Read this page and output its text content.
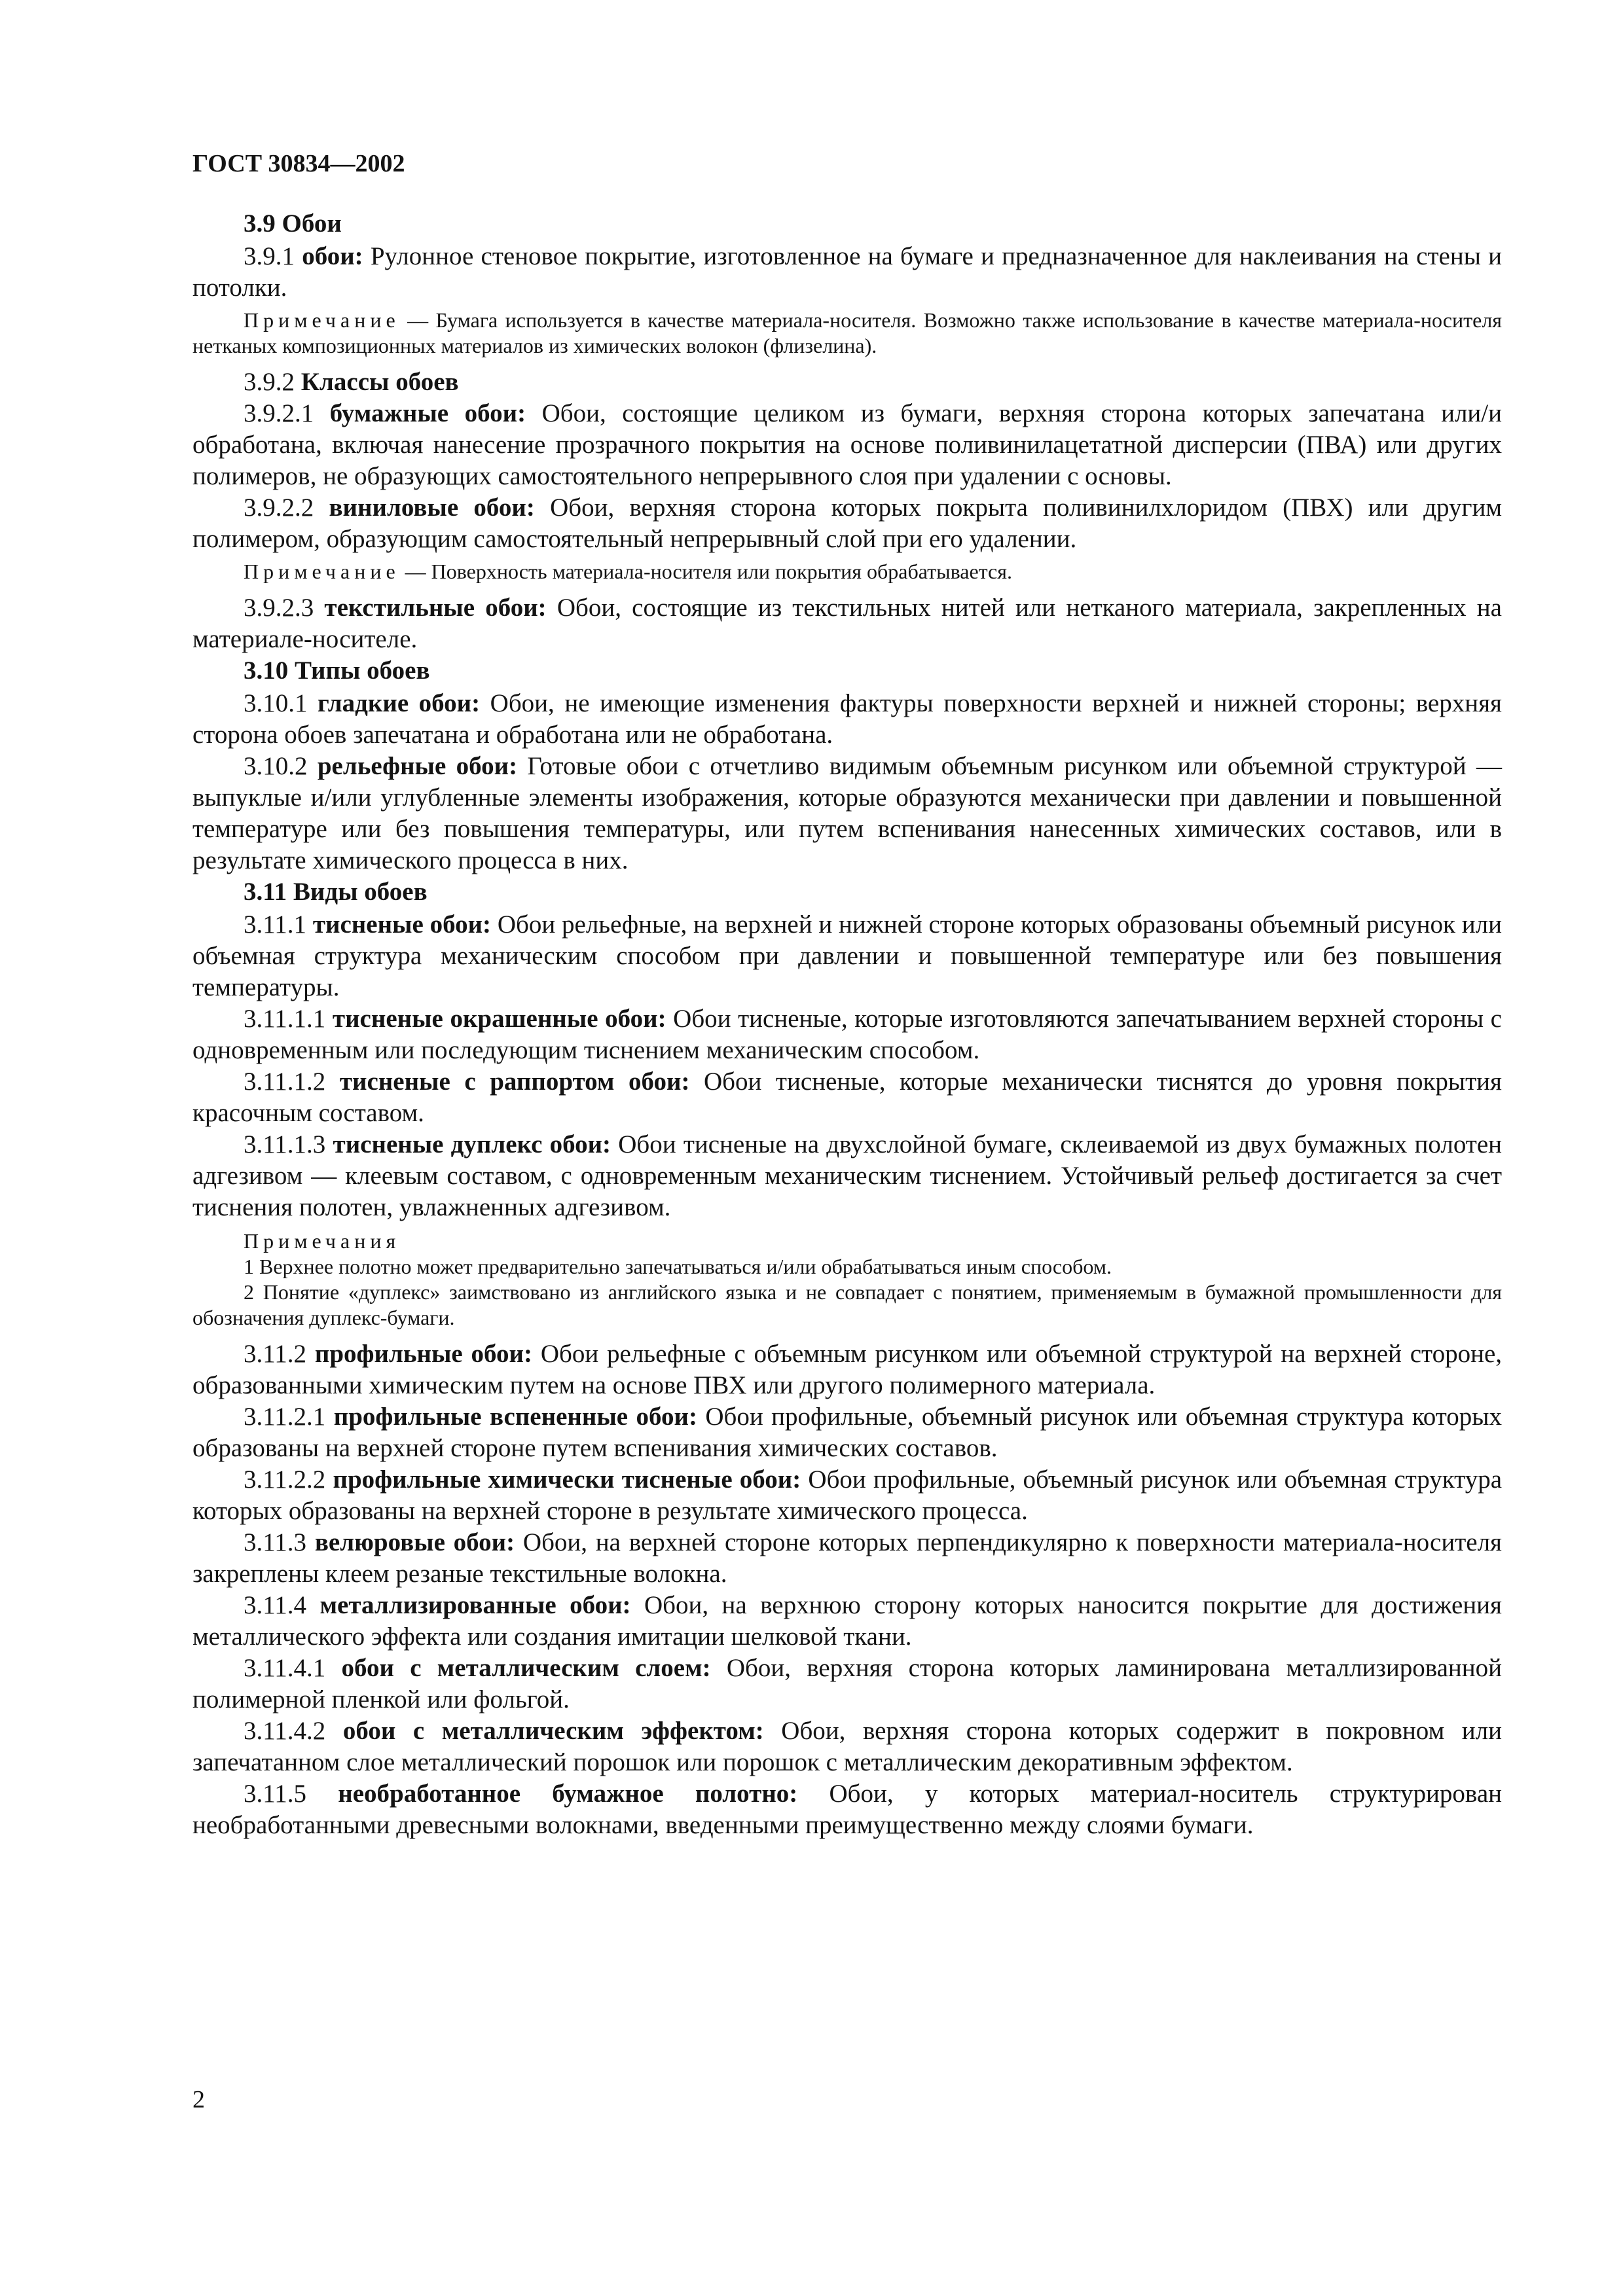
ГОСТ 30834—2002
3.9 Обои

3.9.1 обои: Рулонное стеновое покрытие, изготовленное на бумаге и предназначенное для наклеивания на стены и потолки.

Примечание — Бумага используется в качестве материала-носителя. Возможно также использование в качестве материала-носителя нетканых композиционных материалов из химических волокон (флизелина).

3.9.2 Классы обоев

3.9.2.1 бумажные обои: Обои, состоящие целиком из бумаги, верхняя сторона которых запечатана или/и обработана, включая нанесение прозрачного покрытия на основе поливинилацетатной дисперсии (ПВА) или других полимеров, не образующих самостоятельного непрерывного слоя при удалении с основы.

3.9.2.2 виниловые обои: Обои, верхняя сторона которых покрыта поливинилхлоридом (ПВХ) или другим полимером, образующим самостоятельный непрерывный слой при его удалении.

Примечание — Поверхность материала-носителя или покрытия обрабатывается.

3.9.2.3 текстильные обои: Обои, состоящие из текстильных нитей или нетканого материала, закрепленных на материале-носителе.

3.10 Типы обоев

3.10.1 гладкие обои: Обои, не имеющие изменения фактуры поверхности верхней и нижней стороны; верхняя сторона обоев запечатана и обработана или не обработана.

3.10.2 рельефные обои: Готовые обои с отчетливо видимым объемным рисунком или объемной структурой — выпуклые и/или углубленные элементы изображения, которые образуются механически при давлении и повышенной температуре или без повышения температуры, или путем вспенивания нанесенных химических составов, или в результате химического процесса в них.

3.11 Виды обоев

3.11.1 тисненые обои: Обои рельефные, на верхней и нижней стороне которых образованы объемный рисунок или объемная структура механическим способом при давлении и повышенной температуре или без повышения температуры.

3.11.1.1 тисненые окрашенные обои: Обои тисненые, которые изготовляются запечатыванием верхней стороны с одновременным или последующим тиснением механическим способом.

3.11.1.2 тисненые с раппортом обои: Обои тисненые, которые механически тиснятся до уровня покрытия красочным составом.

3.11.1.3 тисненые дуплекс обои: Обои тисненые на двухслойной бумаге, склеиваемой из двух бумажных полотен адгезивом — клеевым составом, с одновременным механическим тиснением. Устойчивый рельеф достигается за счет тиснения полотен, увлажненных адгезивом.

Примечания

1 Верхнее полотно может предварительно запечатываться и/или обрабатываться иным способом.

2 Понятие «дуплекс» заимствовано из английского языка и не совпадает с понятием, применяемым в бумажной промышленности для обозначения дуплекс-бумаги.

3.11.2 профильные обои: Обои рельефные с объемным рисунком или объемной структурой на верхней стороне, образованными химическим путем на основе ПВХ или другого полимерного материала.

3.11.2.1 профильные вспененные обои: Обои профильные, объемный рисунок или объемная структура которых образованы на верхней стороне путем вспенивания химических составов.

3.11.2.2 профильные химически тисненые обои: Обои профильные, объемный рисунок или объемная структура которых образованы на верхней стороне в результате химического процесса.

3.11.3 велюровые обои: Обои, на верхней стороне которых перпендикулярно к поверхности материала-носителя закреплены клеем резаные текстильные волокна.

3.11.4 металлизированные обои: Обои, на верхнюю сторону которых наносится покрытие для достижения металлического эффекта или создания имитации шелковой ткани.

3.11.4.1 обои с металлическим слоем: Обои, верхняя сторона которых ламинирована металлизированной полимерной пленкой или фольгой.

3.11.4.2 обои с металлическим эффектом: Обои, верхняя сторона которых содержит в покровном или запечатанном слое металлический порошок или порошок с металлическим декоративным эффектом.

3.11.5 необработанное бумажное полотно: Обои, у которых материал-носитель структурирован необработанными древесными волокнами, введенными преимущественно между слоями бумаги.

2
